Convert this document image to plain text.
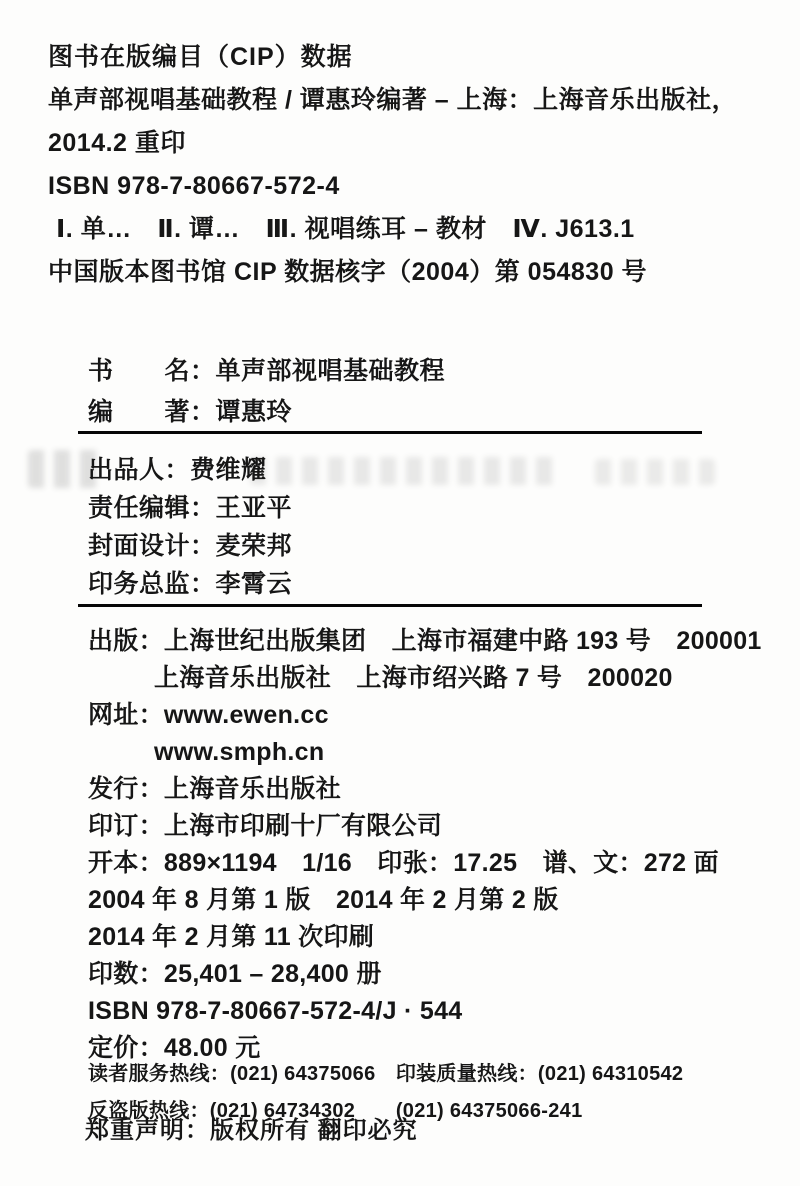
图书在版编目（CIP）数据
单声部视唱基础教程 / 谭惠玲编著 – 上海：上海音乐出版社，
2014.2 重印
ISBN 978-7-80667-572-4
Ⅰ. 单…　Ⅱ. 谭…　Ⅲ. 视唱练耳 – 教材　Ⅳ. J613.1
中国版本图书馆 CIP 数据核字（2004）第 054830 号
书　　名：单声部视唱基础教程
编　　著：谭惠玲
出品人：费维耀
责任编辑：王亚平
封面设计：麦荣邦
印务总监：李霄云
出版：上海世纪出版集团　上海市福建中路 193 号　200001
上海音乐出版社　上海市绍兴路 7 号　200020
网址：www.ewen.cc
www.smph.cn
发行：上海音乐出版社
印订：上海市印刷十厂有限公司
开本：889×1194　1/16　印张：17.25　谱、文：272 面
2004 年 8 月第 1 版　2014 年 2 月第 2 版
2014 年 2 月第 11 次印刷
印数：25,401 – 28,400 册
ISBN 978-7-80667-572-4/J · 544
定价：48.00 元
读者服务热线：(021) 64375066　印装质量热线：(021) 64310542
反盗版热线：(021) 64734302　　(021) 64375066-241
郑重声明：版权所有 翻印必究
